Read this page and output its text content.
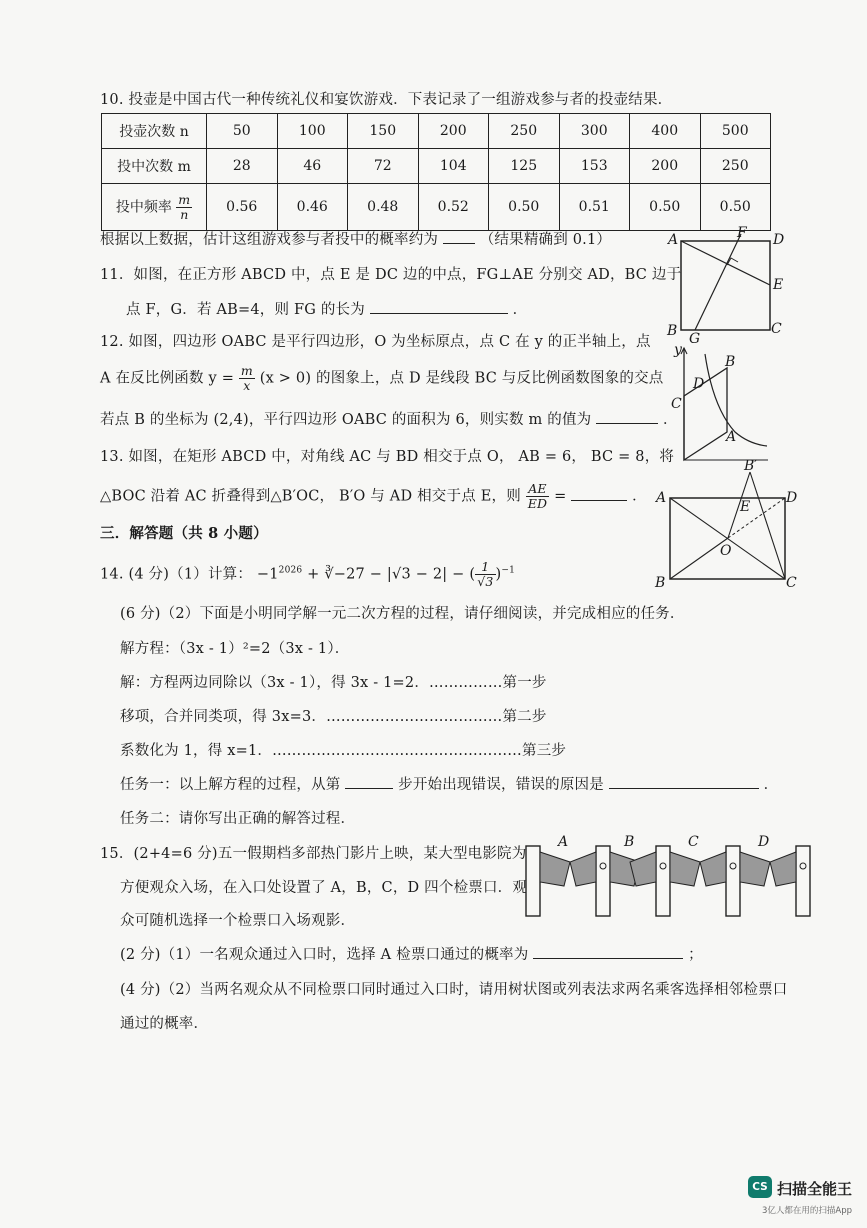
10. 投壶是中国古代一种传统礼仪和宴饮游戏．下表记录了一组游戏参与者的投壶结果．
投壶次数 n	50	100	150	200	250	300	400	500
投中次数 m	28	46	72	104	125	153	200	250
投中频率 $\frac{m}{n}$	0.56	0.46	0.48	0.52	0.50	0.51	0.50	0.50
根据以上数据，估计这组游戏参与者投中的概率约为	（结果精确到 0.1）
11．如图，在正方形 ABCD 中，点 E 是 DC 边的中点，FG⊥AE 分别交 AD，BC 边于
点 F，G．若 AB=4，则 FG 的长为	．
A	F D
E
B G
C
12. 如图，四边形 OABC 是平行四边形，O 为坐标原点，点 C 在 y 的正半轴上，点
A 在反比例函数 $y = \frac{m}{x} (x > 0)$ 的图象上，点 D 是线段 BC 与反比例函数图象的交点
若点 B 的坐标为 (2,4)，平行四边形 OABC 的面积为 6，则实数 m 的值为	．
y
B
D
C
A
13. 如图，在矩形 ABCD 中，对角线 AC 与 BD 相交于点 O， AB = 6， BC = 8，将
△BOC 沿着 AC 折叠得到△B′OC， B′O 与 AD 相交于点 E，则 $\frac{AE}{ED}$ =	．
B′
A	D
E
O
B	C
三．解答题（共 8 小题）
14. (4 分)（1）计算： $-1^{2026}$ + ∛−27 − |√3 − 2| − ( $\frac{1}{√3} )^{-1}$
(6 分)（2）下面是小明同学解一元二次方程的过程，请仔细阅读，并完成相应的任务．
解方程：（3x - 1）²=2（3x - 1）．
解：方程两边同除以（3x - 1），得 3x - 1=2．……………第一步
移项，合并同类项，得 3x=3．………………………………第二步
系数化为 1，得 x=1．……………………………………………第三步
任务一：以上解方程的过程，从第	步开始出现错误，错误的原因是	．
任务二：请你写出正确的解答过程．
15．(2+4=6 分)五一假期档多部热门影片上映，某大型电影院为
方便观众入场，在入口处设置了 A，B，C，D 四个检票口．观
众可随机选择一个检票口入场观影．
A	B	C	D
(2 分)（1）一名观众通过入口时，选择 A 检票口通过的概率为	；
(4 分)（2）当两名观众从不同检票口同时通过入口时，请用树状图或列表法求两名乘客选择相邻检票口
通过的概率．
CS 扫描全能王
3亿人都在用的扫描App
